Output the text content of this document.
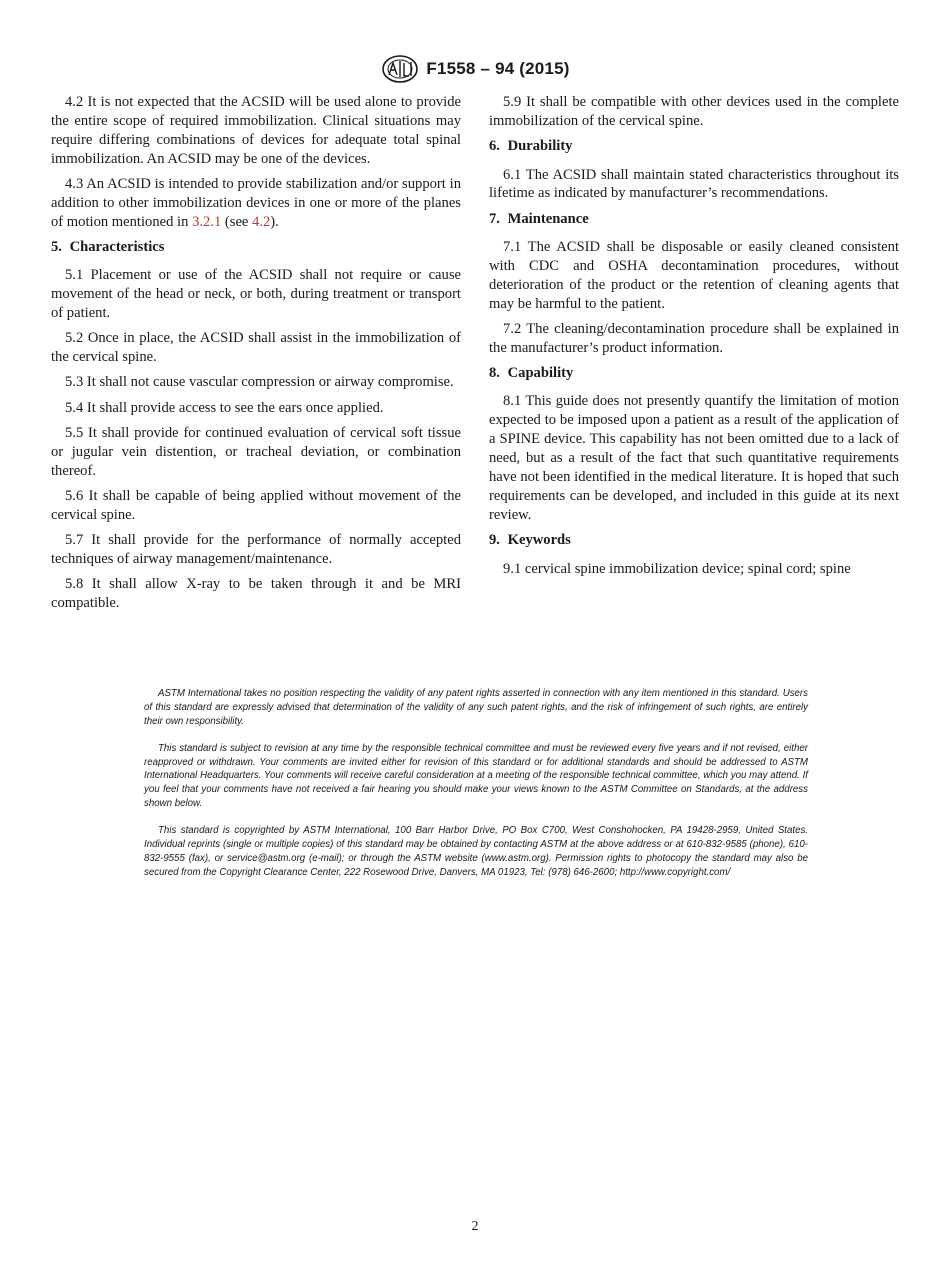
F1558 – 94 (2015)

4.2 It is not expected that the ACSID will be used alone to provide the entire scope of required immobilization. Clinical situations may require differing combinations of devices for adequate total spinal immobilization. An ACSID may be one of the devices.

4.3 An ACSID is intended to provide stabilization and/or support in addition to other immobilization devices in one or more of the planes of motion mentioned in 3.2.1 (see 4.2).

5. Characteristics

5.1 Placement or use of the ACSID shall not require or cause movement of the head or neck, or both, during treatment or transport of patient.

5.2 Once in place, the ACSID shall assist in the immobilization of the cervical spine.

5.3 It shall not cause vascular compression or airway compromise.

5.4 It shall provide access to see the ears once applied.

5.5 It shall provide for continued evaluation of cervical soft tissue or jugular vein distention, or tracheal deviation, or combination thereof.

5.6 It shall be capable of being applied without movement of the cervical spine.

5.7 It shall provide for the performance of normally accepted techniques of airway management/maintenance.

5.8 It shall allow X-ray to be taken through it and be MRI compatible.

5.9 It shall be compatible with other devices used in the complete immobilization of the cervical spine.

6. Durability

6.1 The ACSID shall maintain stated characteristics throughout its lifetime as indicated by manufacturer’s recommendations.

7. Maintenance

7.1 The ACSID shall be disposable or easily cleaned consistent with CDC and OSHA decontamination procedures, without deterioration of the product or the retention of cleaning agents that may be harmful to the patient.

7.2 The cleaning/decontamination procedure shall be explained in the manufacturer’s product information.

8. Capability

8.1 This guide does not presently quantify the limitation of motion expected to be imposed upon a patient as a result of the application of a SPINE device. This capability has not been omitted due to a lack of need, but as a result of the fact that such quantitative requirements have not been identified in the medical literature. It is hoped that such requirements can be developed, and included in this guide at its next review.

9. Keywords

9.1 cervical spine immobilization device; spinal cord; spine

ASTM International takes no position respecting the validity of any patent rights asserted in connection with any item mentioned in this standard. Users of this standard are expressly advised that determination of the validity of any such patent rights, and the risk of infringement of such rights, are entirely their own responsibility.

This standard is subject to revision at any time by the responsible technical committee and must be reviewed every five years and if not revised, either reapproved or withdrawn. Your comments are invited either for revision of this standard or for additional standards and should be addressed to ASTM International Headquarters. Your comments will receive careful consideration at a meeting of the responsible technical committee, which you may attend. If you feel that your comments have not received a fair hearing you should make your views known to the ASTM Committee on Standards, at the address shown below.

This standard is copyrighted by ASTM International, 100 Barr Harbor Drive, PO Box C700, West Conshohocken, PA 19428-2959, United States. Individual reprints (single or multiple copies) of this standard may be obtained by contacting ASTM at the above address or at 610-832-9585 (phone), 610-832-9555 (fax), or service@astm.org (e-mail); or through the ASTM website (www.astm.org). Permission rights to photocopy the standard may also be secured from the Copyright Clearance Center, 222 Rosewood Drive, Danvers, MA 01923, Tel: (978) 646-2600; http://www.copyright.com/

2
